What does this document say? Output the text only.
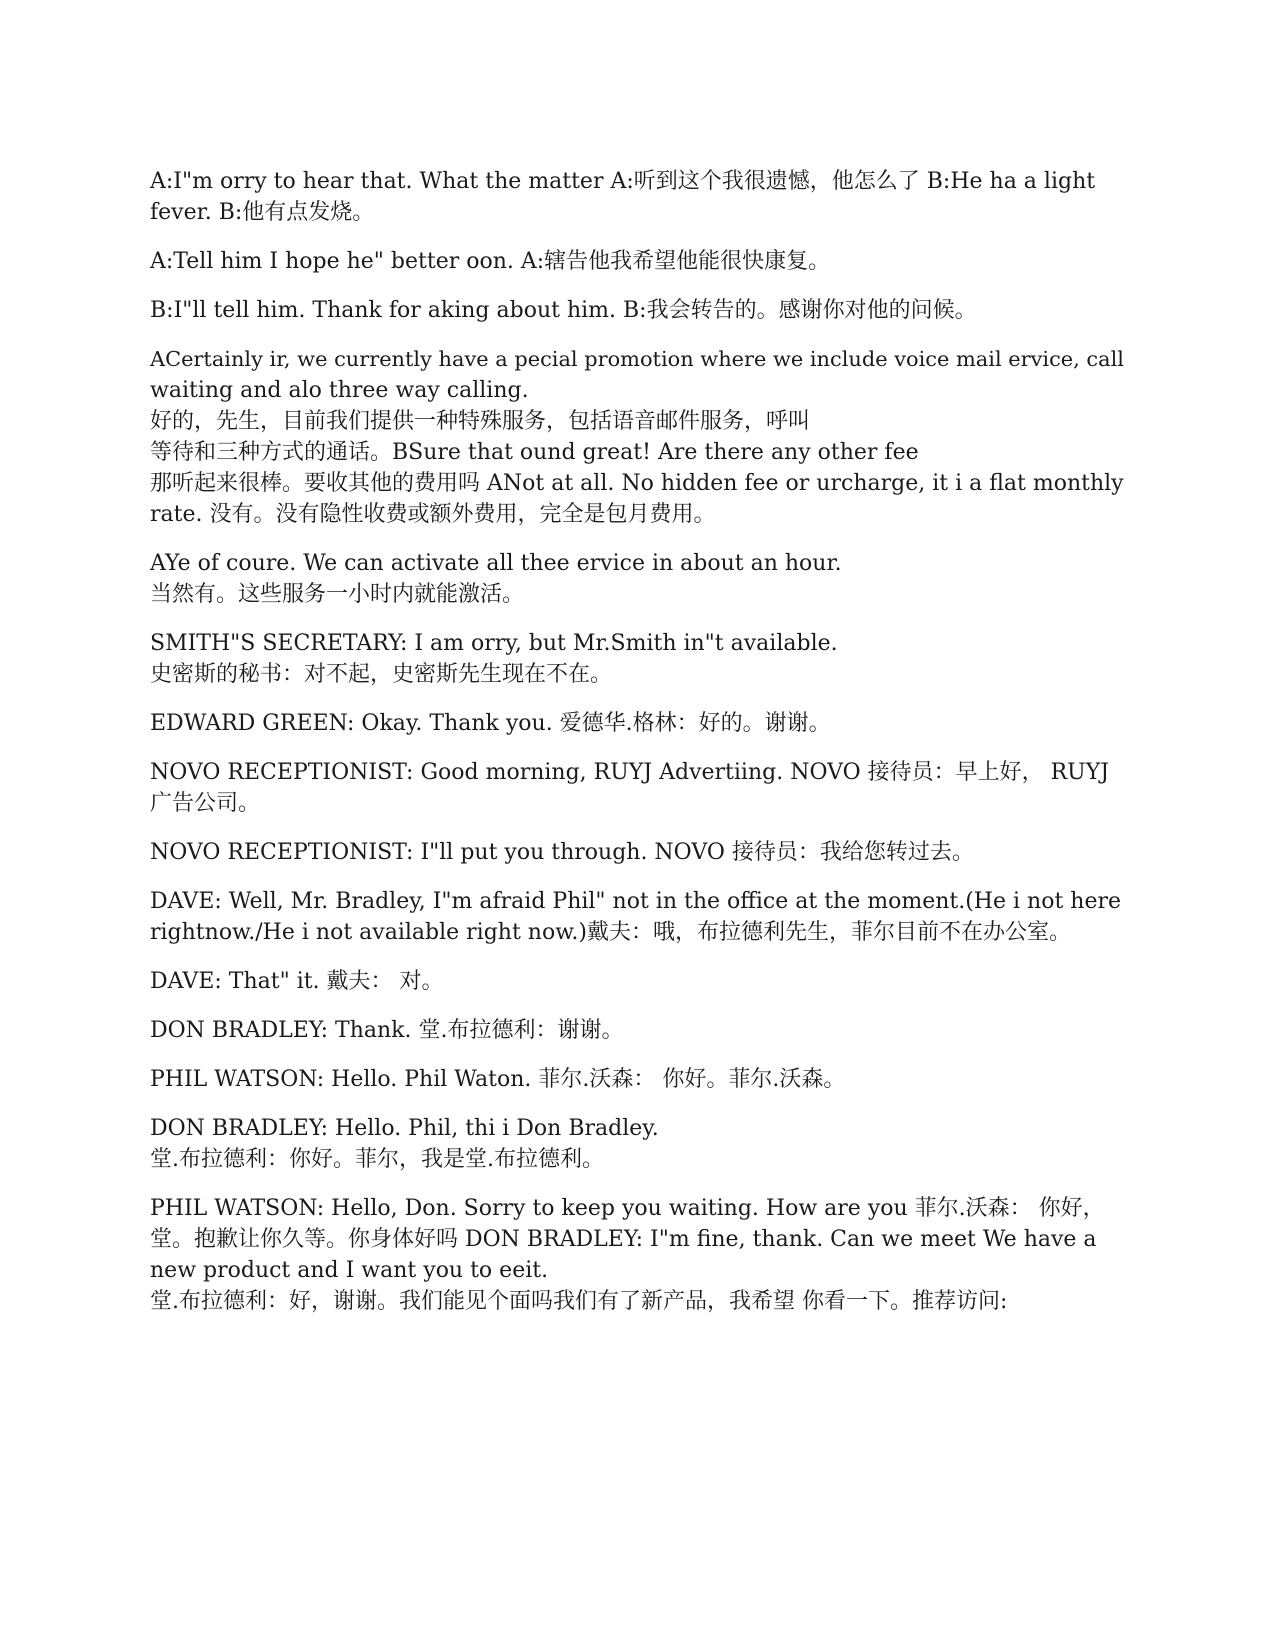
A:I"m orry to hear that. What the matter A:听到这个我很遗憾，他怎么了 B:He ha a light
fever. B:他有点发烧。

A:Tell him I hope he" better oon. A:辖告他我希望他能很快康复。

B:I"ll tell him. Thank for aking about him. B:我会转告的。感谢你对他的问候。

ACertainly ir, we currently have a pecial promotion where we include voice mail ervice, call
waiting and alo three way calling.
好的，先生，目前我们提供一种特殊服务，包括语音邮件服务，呼叫
等待和三种方式的通话。BSure that ound great! Are there any other fee
那听起来很棒。要收其他的费用吗 ANot at all. No hidden fee or urcharge, it i a flat monthly
rate. 没有。没有隐性收费或额外费用，完全是包月费用。

AYe of coure. We can activate all thee ervice in about an hour.
当然有。这些服务一小时内就能激活。

SMITH"S SECRETARY: I am orry, but Mr.Smith in"t available.
史密斯的秘书：对不起，史密斯先生现在不在。

EDWARD GREEN: Okay. Thank you. 爱德华.格林：好的。谢谢。

NOVO RECEPTIONIST: Good morning, RUYJ Advertiing. NOVO 接待员：早上好， RUYJ
广告公司。

NOVO RECEPTIONIST: I"ll put you through. NOVO 接待员：我给您转过去。

DAVE: Well, Mr. Bradley, I"m afraid Phil" not in the office at the moment.(He i not here
rightnow./He i not available right now.)戴夫：哦，布拉德利先生，菲尔目前不在办公室。

DAVE: That" it. 戴夫： 对。

DON BRADLEY: Thank. 堂.布拉德利：谢谢。

PHIL WATSON: Hello. Phil Waton. 菲尔.沃森： 你好。菲尔.沃森。

DON BRADLEY: Hello. Phil, thi i Don Bradley.
堂.布拉德利：你好。菲尔，我是堂.布拉德利。

PHIL WATSON: Hello, Don. Sorry to keep you waiting. How are you 菲尔.沃森： 你好，
堂。抱歉让你久等。你身体好吗 DON BRADLEY: I"m fine, thank. Can we meet We have a
new product and I want you to eeit.
堂.布拉德利：好，谢谢。我们能见个面吗我们有了新产品，我希望 你看一下。推荐访问:
